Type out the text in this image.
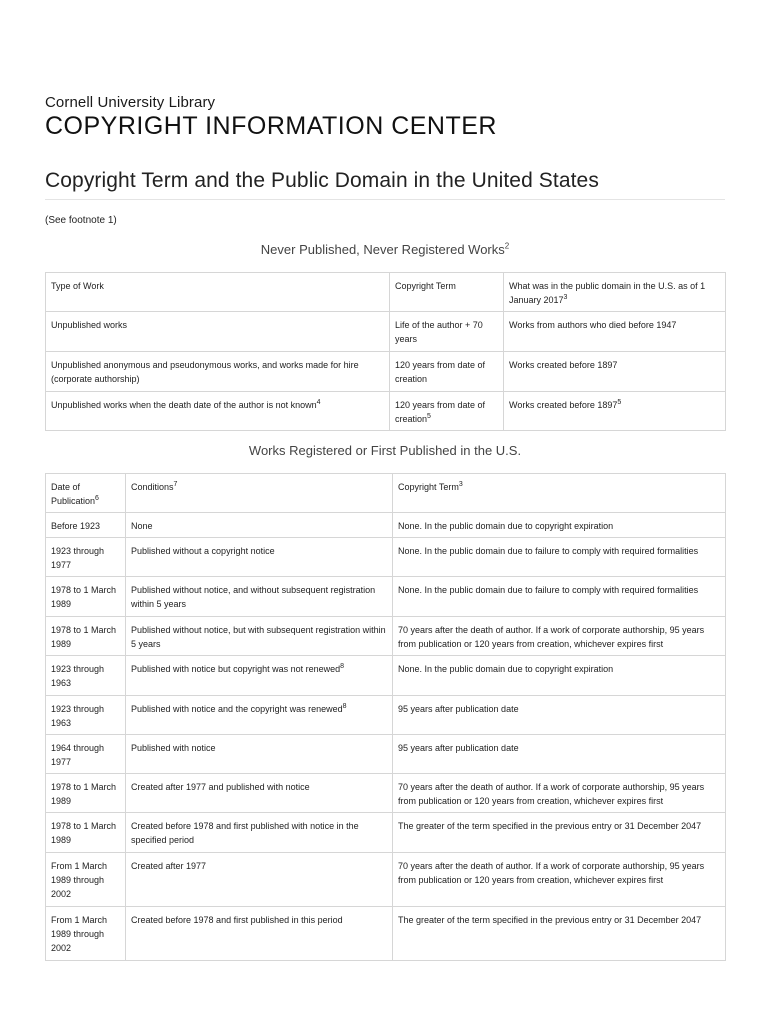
Cornell University Library
COPYRIGHT INFORMATION CENTER
Copyright Term and the Public Domain in the United States
(See footnote 1)
Never Published, Never Registered Works$^2$
Type of Work	Copyright Term	What was in the public domain in the U.S. as of 1 January 2017$^3$
Unpublished works	Life of the author + 70 years	Works from authors who died before 1947
Unpublished anonymous and pseudonymous works, and works made for hire (corporate authorship)	120 years from date of creation	Works created before 1897
Unpublished works when the death date of the author is not known$^4$	120 years from date of creation$^5$	Works created before 1897$^5$
Works Registered or First Published in the U.S.
Date of Publication$^6$	Conditions$^7$	Copyright Term$^3$
Before 1923	None	None. In the public domain due to copyright expiration
1923 through 1977	Published without a copyright notice	None. In the public domain due to failure to comply with required formalities
1978 to 1 March 1989	Published without notice, and without subsequent registration within 5 years	None. In the public domain due to failure to comply with required formalities
1978 to 1 March 1989	Published without notice, but with subsequent registration within 5 years	70 years after the death of author. If a work of corporate authorship, 95 years from publication or 120 years from creation, whichever expires first
1923 through 1963	Published with notice but copyright was not renewed$^8$	None. In the public domain due to copyright expiration
1923 through 1963	Published with notice and the copyright was renewed$^8$	95 years after publication date
1964 through 1977	Published with notice	95 years after publication date
1978 to 1 March 1989	Created after 1977 and published with notice	70 years after the death of author. If a work of corporate authorship, 95 years from publication or 120 years from creation, whichever expires first
1978 to 1 March 1989	Created before 1978 and first published with notice in the specified period	The greater of the term specified in the previous entry or 31 December 2047
From 1 March 1989 through 2002	Created after 1977	70 years after the death of author. If a work of corporate authorship, 95 years from publication or 120 years from creation, whichever expires first
From 1 March 1989 through 2002	Created before 1978 and first published in this period	The greater of the term specified in the previous entry or 31 December 2047
